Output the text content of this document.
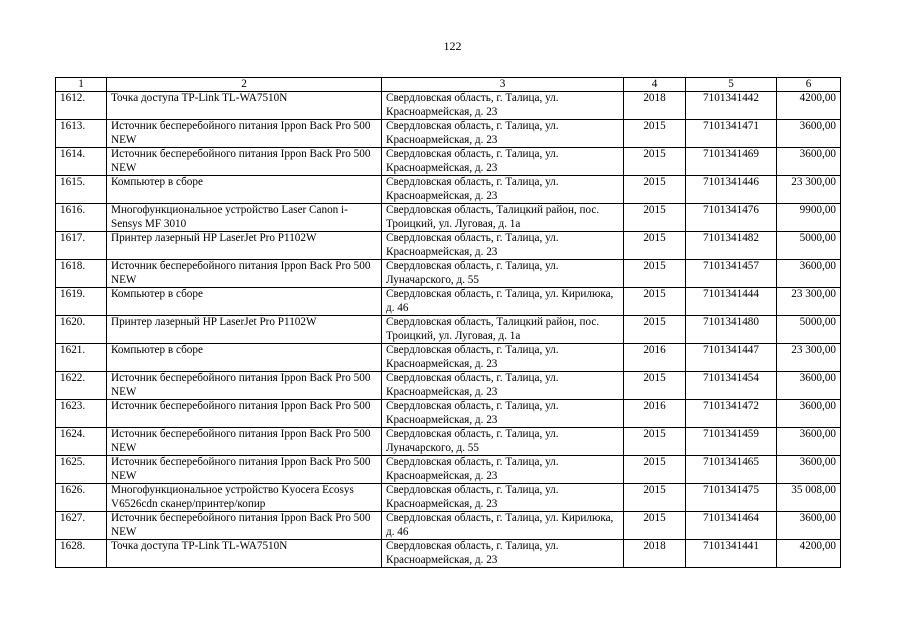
122
1	2	3	4	5	6
1612.	Точка доступа TP-Link TL-WA7510N	Свердловская область, г. Талица, ул. Красноармейская, д. 23	2018	7101341442	4200,00
1613.	Источник бесперебойного питания Ippon Back Pro 500 NEW	Свердловская область, г. Талица, ул. Красноармейская, д. 23	2015	7101341471	3600,00
1614.	Источник бесперебойного питания Ippon Back Pro 500 NEW	Свердловская область, г. Талица, ул. Красноармейская, д. 23	2015	7101341469	3600,00
1615.	Компьютер в сборе	Свердловская область, г. Талица, ул. Красноармейская, д. 23	2015	7101341446	23 300,00
1616.	Многофункциональное устройство Laser Canon i-Sensys MF 3010	Свердловская область, Талицкий район, пос. Троицкий, ул. Луговая, д. 1а	2015	7101341476	9900,00
1617.	Принтер лазерный HP LaserJet Pro P1102W	Свердловская область, г. Талица, ул. Красноармейская, д. 23	2015	7101341482	5000,00
1618.	Источник бесперебойного питания Ippon Back Pro 500 NEW	Свердловская область, г. Талица, ул. Луначарского, д. 55	2015	7101341457	3600,00
1619.	Компьютер в сборе	Свердловская область, г. Талица, ул. Кирилюка, д. 46	2015	7101341444	23 300,00
1620.	Принтер лазерный HP LaserJet Pro P1102W	Свердловская область, Талицкий район, пос. Троицкий, ул. Луговая, д. 1а	2015	7101341480	5000,00
1621.	Компьютер в сборе	Свердловская область, г. Талица, ул. Красноармейская, д. 23	2016	7101341447	23 300,00
1622.	Источник бесперебойного питания Ippon Back Pro 500 NEW	Свердловская область, г. Талица, ул. Красноармейская, д. 23	2015	7101341454	3600,00
1623.	Источник бесперебойного питания Ippon Back Pro 500	Свердловская область, г. Талица, ул. Красноармейская, д. 23	2016	7101341472	3600,00
1624.	Источник бесперебойного питания Ippon Back Pro 500 NEW	Свердловская область, г. Талица, ул. Луначарского, д. 55	2015	7101341459	3600,00
1625.	Источник бесперебойного питания Ippon Back Pro 500 NEW	Свердловская область, г. Талица, ул. Красноармейская, д. 23	2015	7101341465	3600,00
1626.	Многофункциональное устройство Kyocera Ecosys V6526cdn сканер/принтер/копир	Свердловская область, г. Талица, ул. Красноармейская, д. 23	2015	7101341475	35 008,00
1627.	Источник бесперебойного питания Ippon Back Pro 500 NEW	Свердловская область, г. Талица, ул. Кирилюка, д. 46	2015	7101341464	3600,00
1628.	Точка доступа TP-Link TL-WA7510N	Свердловская область, г. Талица, ул. Красноармейская, д. 23	2018	7101341441	4200,00
